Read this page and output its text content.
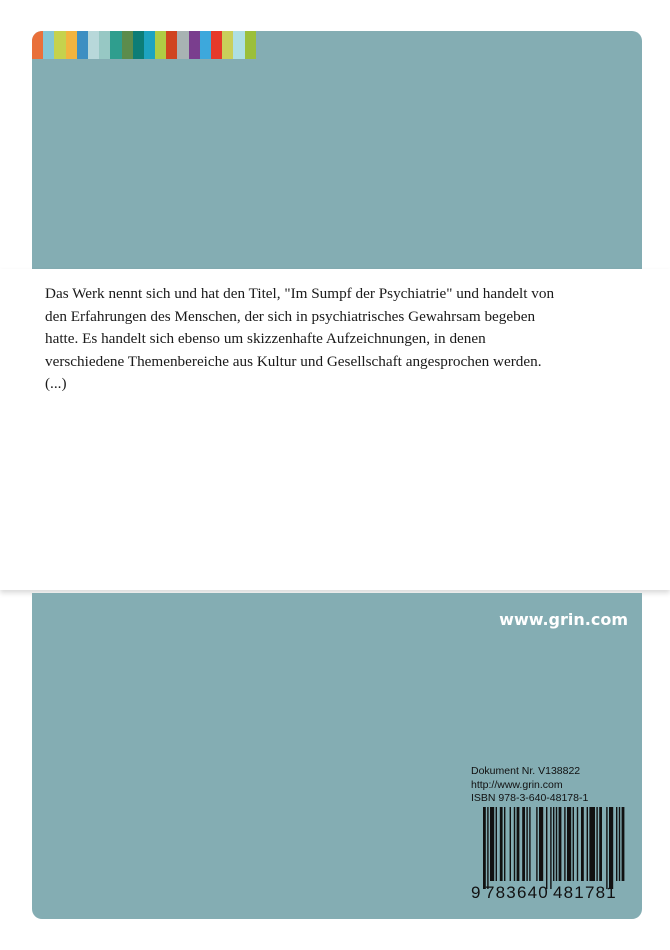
Das Werk nennt sich und hat den Titel, "Im Sumpf der Psychiatrie" und handelt von den Erfahrungen des Menschen, der sich in psychiatrisches Gewahrsam begeben hatte. Es handelt sich ebenso um skizzenhafte Aufzeichnungen, in denen verschiedene Themenbereiche aus Kultur und Gesellschaft angesprochen werden. (...)

www.grin.com
Dokument Nr. V138822
http://www.grin.com
ISBN 978-3-640-48178-1
9 783640 481781
